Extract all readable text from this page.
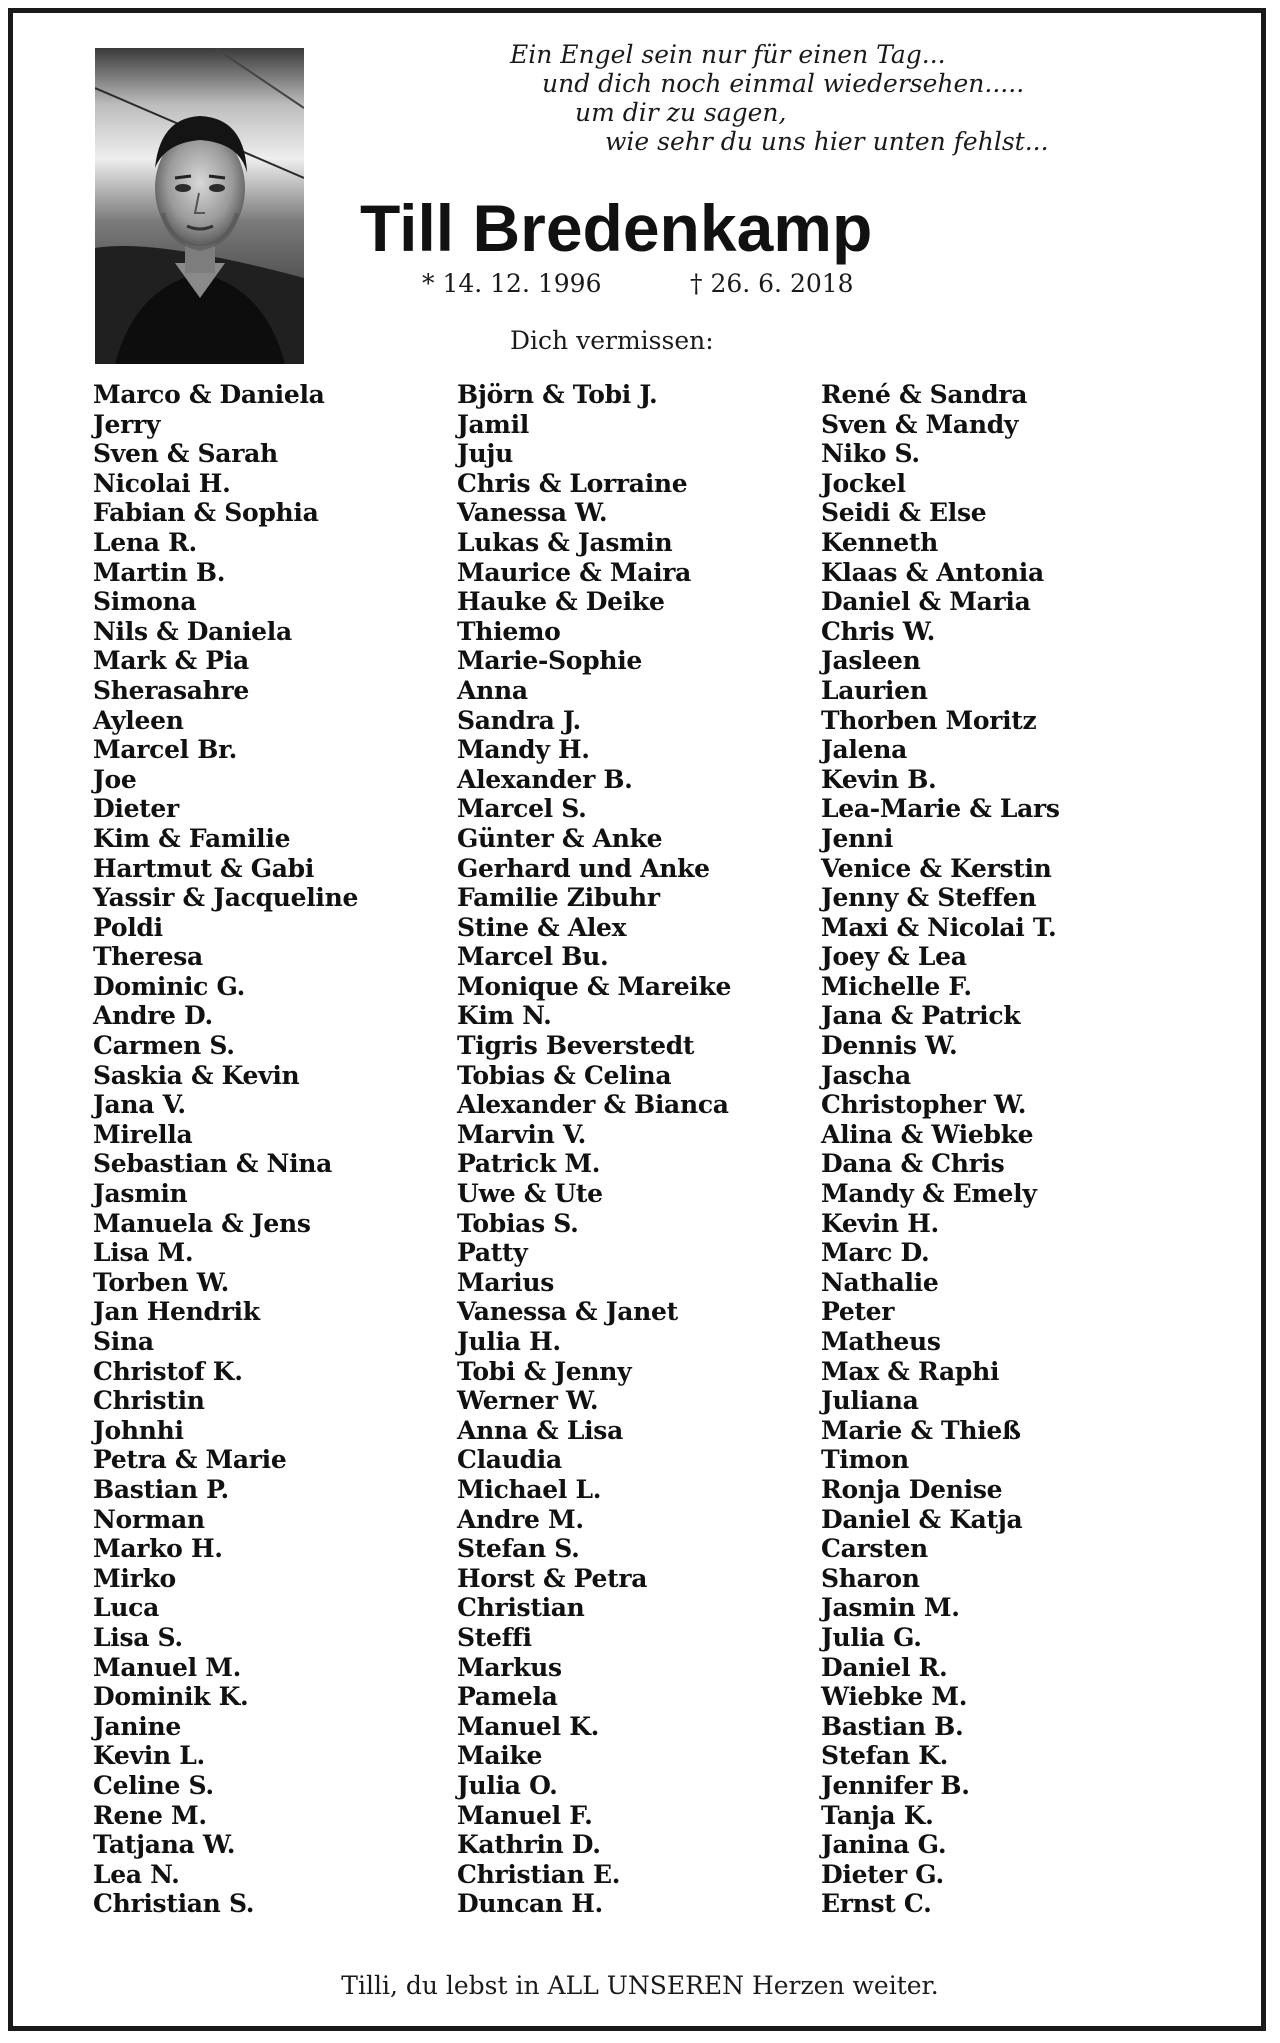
Ein Engel sein nur für einen Tag...
und dich noch einmal wiedersehen.....
um dir zu sagen,
wie sehr du uns hier unten fehlst...
Till Bredenkamp
* 14. 12. 1996	† 26. 6. 2018
Dich vermissen:
Marco & Daniela
Jerry
Sven & Sarah
Nicolai H.
Fabian & Sophia
Lena R.
Martin B.
Simona
Nils & Daniela
Mark & Pia
Sherasahre
Ayleen
Marcel Br.
Joe
Dieter
Kim & Familie
Hartmut & Gabi
Yassir & Jacqueline
Poldi
Theresa
Dominic G.
Andre D.
Carmen S.
Saskia & Kevin
Jana V.
Mirella
Sebastian & Nina
Jasmin
Manuela & Jens
Lisa M.
Torben W.
Jan Hendrik
Sina
Christof K.
Christin
Johnhi
Petra & Marie
Bastian P.
Norman
Marko H.
Mirko
Luca
Lisa S.
Manuel M.
Dominik K.
Janine
Kevin L.
Celine S.
Rene M.
Tatjana W.
Lea N.
Christian S.
Björn & Tobi J.
Jamil
Juju
Chris & Lorraine
Vanessa W.
Lukas & Jasmin
Maurice & Maira
Hauke & Deike
Thiemo
Marie-Sophie
Anna
Sandra J.
Mandy H.
Alexander B.
Marcel S.
Günter & Anke
Gerhard und Anke
Familie Zibuhr
Stine & Alex
Marcel Bu.
Monique & Mareike
Kim N.
Tigris Beverstedt
Tobias & Celina
Alexander & Bianca
Marvin V.
Patrick M.
Uwe & Ute
Tobias S.
Patty
Marius
Vanessa & Janet
Julia H.
Tobi & Jenny
Werner W.
Anna & Lisa
Claudia
Michael L.
Andre M.
Stefan S.
Horst & Petra
Christian
Steffi
Markus
Pamela
Manuel K.
Maike
Julia O.
Manuel F.
Kathrin D.
Christian E.
Duncan H.
René & Sandra
Sven & Mandy
Niko S.
Jockel
Seidi & Else
Kenneth
Klaas & Antonia
Daniel & Maria
Chris W.
Jasleen
Laurien
Thorben Moritz
Jalena
Kevin B.
Lea-Marie & Lars
Jenni
Venice & Kerstin
Jenny & Steffen
Maxi & Nicolai T.
Joey & Lea
Michelle F.
Jana & Patrick
Dennis W.
Jascha
Christopher W.
Alina & Wiebke
Dana & Chris
Mandy & Emely
Kevin H.
Marc D.
Nathalie
Peter
Matheus
Max & Raphi
Juliana
Marie & Thieß
Timon
Ronja Denise
Daniel & Katja
Carsten
Sharon
Jasmin M.
Julia G.
Daniel R.
Wiebke M.
Bastian B.
Stefan K.
Jennifer B.
Tanja K.
Janina G.
Dieter G.
Ernst C.
Tilli, du lebst in ALL UNSEREN Herzen weiter.
